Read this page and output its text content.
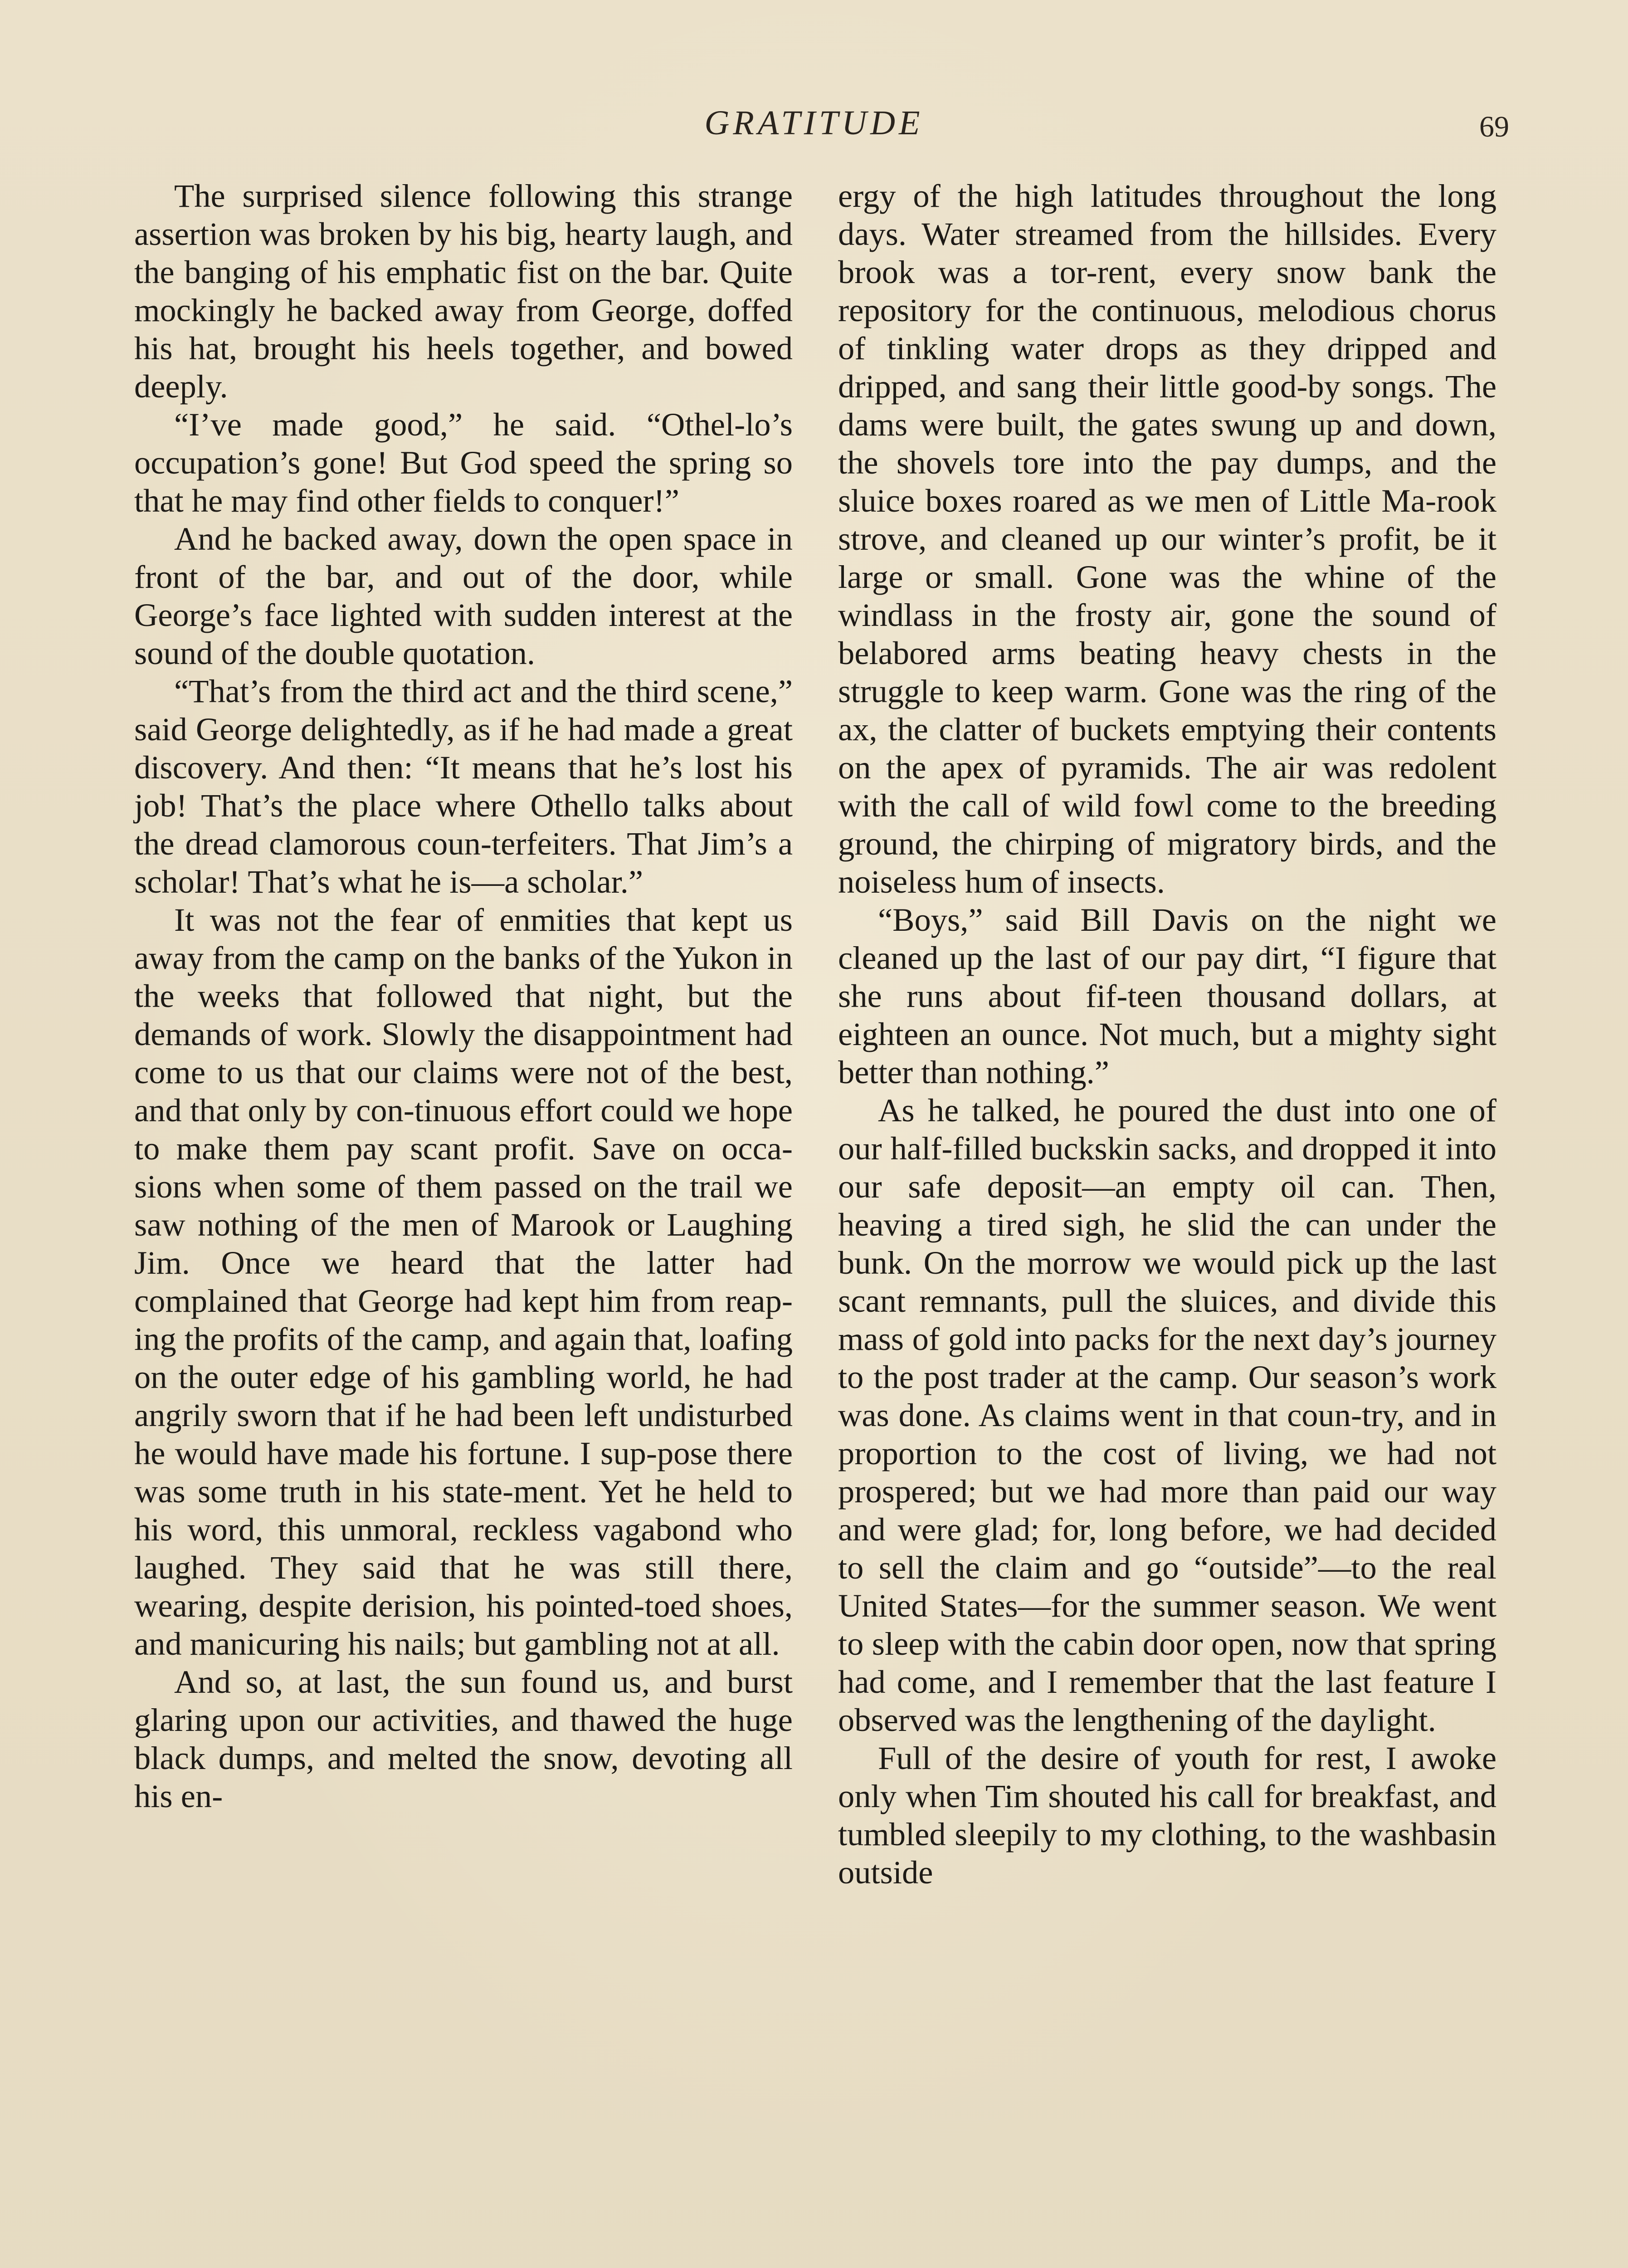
GRATITUDE	69

The surprised silence following this strange assertion was broken by his big, hearty laugh, and the banging of his emphatic fist on the bar. Quite mockingly he backed away from George, doffed his hat, brought his heels together, and bowed deeply.

“I’ve made good,” he said. “Othel-lo’s occupation’s gone! But God speed the spring so that he may find other fields to conquer!”

And he backed away, down the open space in front of the bar, and out of the door, while George’s face lighted with sudden interest at the sound of the double quotation.

“That’s from the third act and the third scene,” said George delightedly, as if he had made a great discovery. And then: “It means that he’s lost his job! That’s the place where Othello talks about the dread clamorous coun-terfeiters. That Jim’s a scholar! That’s what he is—a scholar.”

It was not the fear of enmities that kept us away from the camp on the banks of the Yukon in the weeks that followed that night, but the demands of work. Slowly the disappointment had come to us that our claims were not of the best, and that only by con-tinuous effort could we hope to make them pay scant profit. Save on occa-sions when some of them passed on the trail we saw nothing of the men of Marook or Laughing Jim. Once we heard that the latter had complained that George had kept him from reap-ing the profits of the camp, and again that, loafing on the outer edge of his gambling world, he had angrily sworn that if he had been left undisturbed he would have made his fortune. I sup-pose there was some truth in his state-ment. Yet he held to his word, this unmoral, reckless vagabond who laughed. They said that he was still there, wearing, despite derision, his pointed-toed shoes, and manicuring his nails; but gambling not at all.

And so, at last, the sun found us, and burst glaring upon our activities, and thawed the huge black dumps, and melted the snow, devoting all his en-

ergy of the high latitudes throughout the long days. Water streamed from the hillsides. Every brook was a tor-rent, every snow bank the repository for the continuous, melodious chorus of tinkling water drops as they dripped and dripped, and sang their little good-by songs. The dams were built, the gates swung up and down, the shovels tore into the pay dumps, and the sluice boxes roared as we men of Little Ma-rook strove, and cleaned up our winter’s profit, be it large or small. Gone was the whine of the windlass in the frosty air, gone the sound of belabored arms beating heavy chests in the struggle to keep warm. Gone was the ring of the ax, the clatter of buckets emptying their contents on the apex of pyramids. The air was redolent with the call of wild fowl come to the breeding ground, the chirping of migratory birds, and the noiseless hum of insects.

“Boys,” said Bill Davis on the night we cleaned up the last of our pay dirt, “I figure that she runs about fif-teen thousand dollars, at eighteen an ounce. Not much, but a mighty sight better than nothing.”

As he talked, he poured the dust into one of our half-filled buckskin sacks, and dropped it into our safe deposit—an empty oil can. Then, heaving a tired sigh, he slid the can under the bunk. On the morrow we would pick up the last scant remnants, pull the sluices, and divide this mass of gold into packs for the next day’s journey to the post trader at the camp. Our season’s work was done. As claims went in that coun-try, and in proportion to the cost of living, we had not prospered; but we had more than paid our way and were glad; for, long before, we had decided to sell the claim and go “outside”—to the real United States—for the summer season. We went to sleep with the cabin door open, now that spring had come, and I remember that the last feature I observed was the lengthening of the daylight.

Full of the desire of youth for rest, I awoke only when Tim shouted his call for breakfast, and tumbled sleepily to my clothing, to the washbasin outside
